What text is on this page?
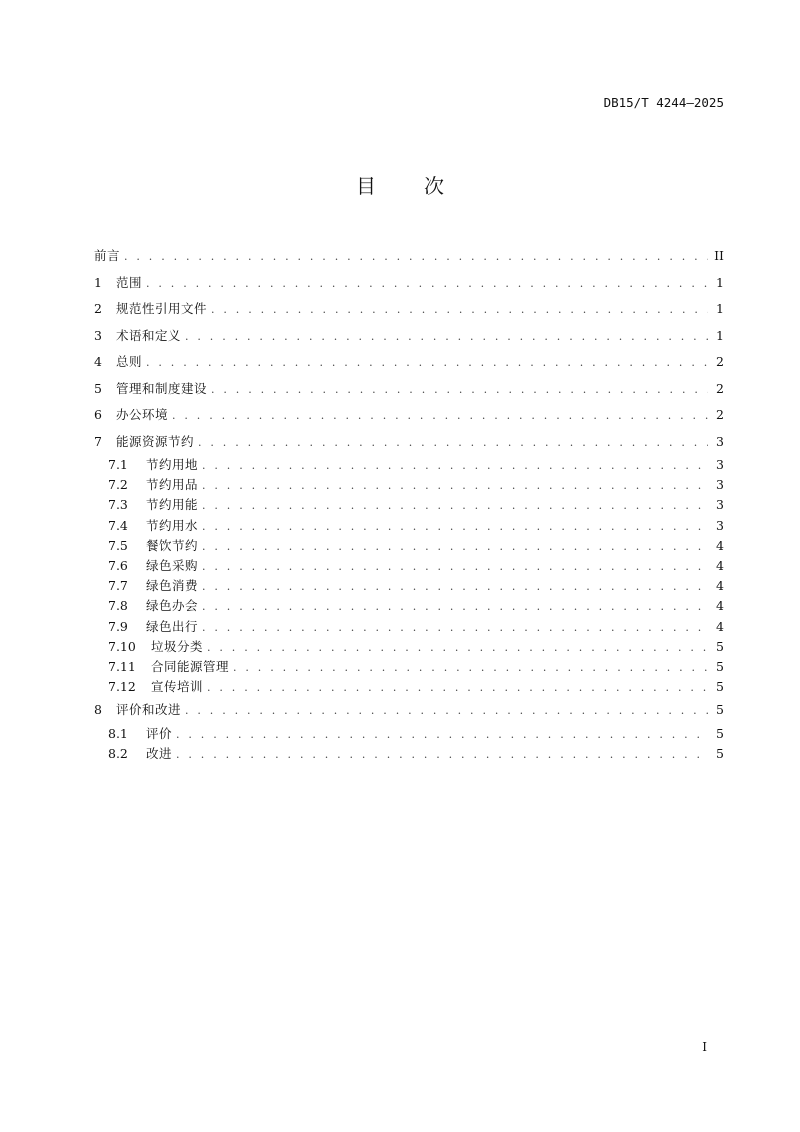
DB15/T 4244—2025
目 次
前言 . . .	II
1	范围 . . .	1
2	规范性引用文件 . . .	1
3	术语和定义 . . .	1
4	总则 . . .	2
5	管理和制度建设 . . .	2
6	办公环境 . . .	2
7	能源资源节约 . . .	3
7.1	节约用地 . . .	3
7.2	节约用品 . . .	3
7.3	节约用能 . . .	3
7.4	节约用水 . . .	3
7.5	餐饮节约 . . .	4
7.6	绿色采购 . . .	4
7.7	绿色消费 . . .	4
7.8	绿色办会 . . .	4
7.9	绿色出行 . . .	4
7.10	垃圾分类 . . .	5
7.11	合同能源管理 . . .	5
7.12	宣传培训 . . .	5
8	评价和改进 . . .	5
8.1	评价 . . .	5
8.2	改进 . . .	5
I
